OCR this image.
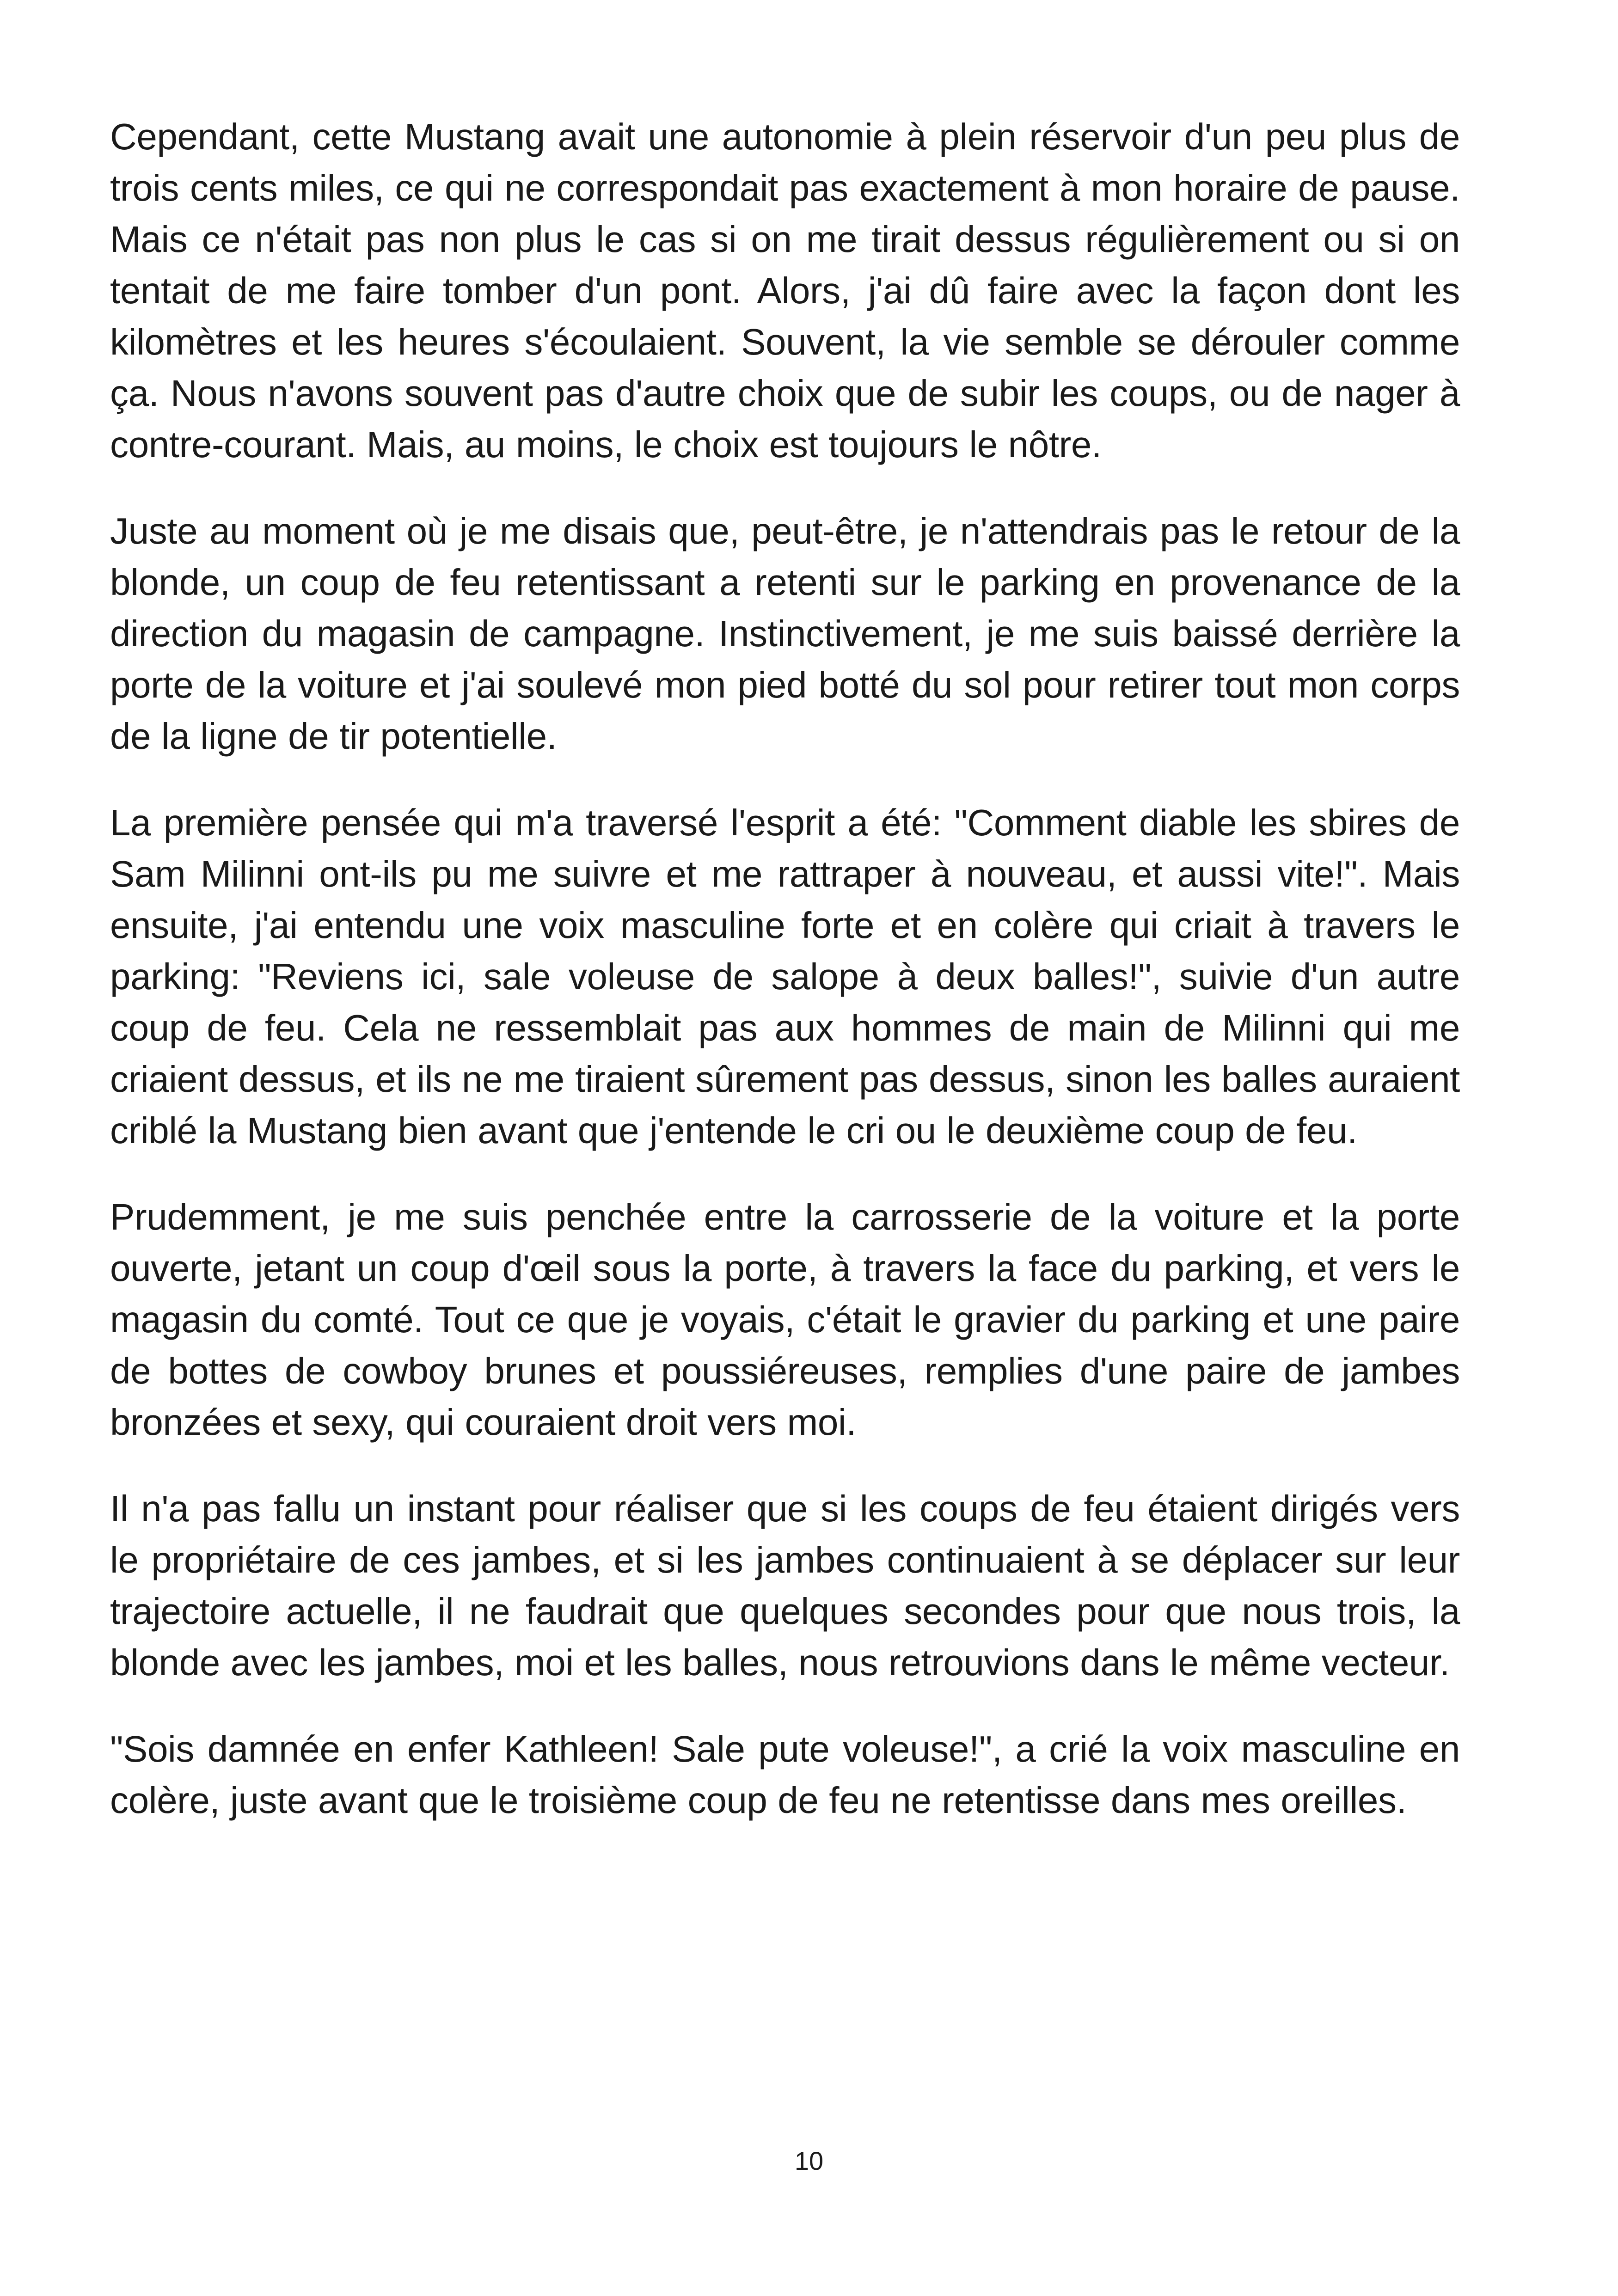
Cependant, cette Mustang avait une autonomie à plein réservoir d'un peu plus de trois cents miles, ce qui ne correspondait pas exactement à mon horaire de pause. Mais ce n'était pas non plus le cas si on me tirait dessus régulièrement ou si on tentait de me faire tomber d'un pont. Alors, j'ai dû faire avec la façon dont les kilomètres et les heures s'écoulaient. Souvent, la vie semble se dérouler comme ça. Nous n'avons souvent pas d'autre choix que de subir les coups, ou de nager à contre-courant. Mais, au moins, le choix est toujours le nôtre.

Juste au moment où je me disais que, peut-être, je n'attendrais pas le retour de la blonde, un coup de feu retentissant a retenti sur le parking en provenance de la direction du magasin de campagne. Instinctivement, je me suis baissé derrière la porte de la voiture et j'ai soulevé mon pied botté du sol pour retirer tout mon corps de la ligne de tir potentielle.

La première pensée qui m'a traversé l'esprit a été: "Comment diable les sbires de Sam Milinni ont-ils pu me suivre et me rattraper à nouveau, et aussi vite!". Mais ensuite, j'ai entendu une voix masculine forte et en colère qui criait à travers le parking: "Reviens ici, sale voleuse de salope à deux balles!", suivie d'un autre coup de feu. Cela ne ressemblait pas aux hommes de main de Milinni qui me criaient dessus, et ils ne me tiraient sûrement pas dessus, sinon les balles auraient criblé la Mustang bien avant que j'entende le cri ou le deuxième coup de feu.

Prudemment, je me suis penchée entre la carrosserie de la voiture et la porte ouverte, jetant un coup d'œil sous la porte, à travers la face du parking, et vers le magasin du comté. Tout ce que je voyais, c'était le gravier du parking et une paire de bottes de cowboy brunes et poussiéreuses, remplies d'une paire de jambes bronzées et sexy, qui couraient droit vers moi.

Il n'a pas fallu un instant pour réaliser que si les coups de feu étaient dirigés vers le propriétaire de ces jambes, et si les jambes continuaient à se déplacer sur leur trajectoire actuelle, il ne faudrait que quelques secondes pour que nous trois, la blonde avec les jambes, moi et les balles, nous retrouvions dans le même vecteur.

"Sois damnée en enfer Kathleen! Sale pute voleuse!", a crié la voix masculine en colère, juste avant que le troisième coup de feu ne retentisse dans mes oreilles.

10
